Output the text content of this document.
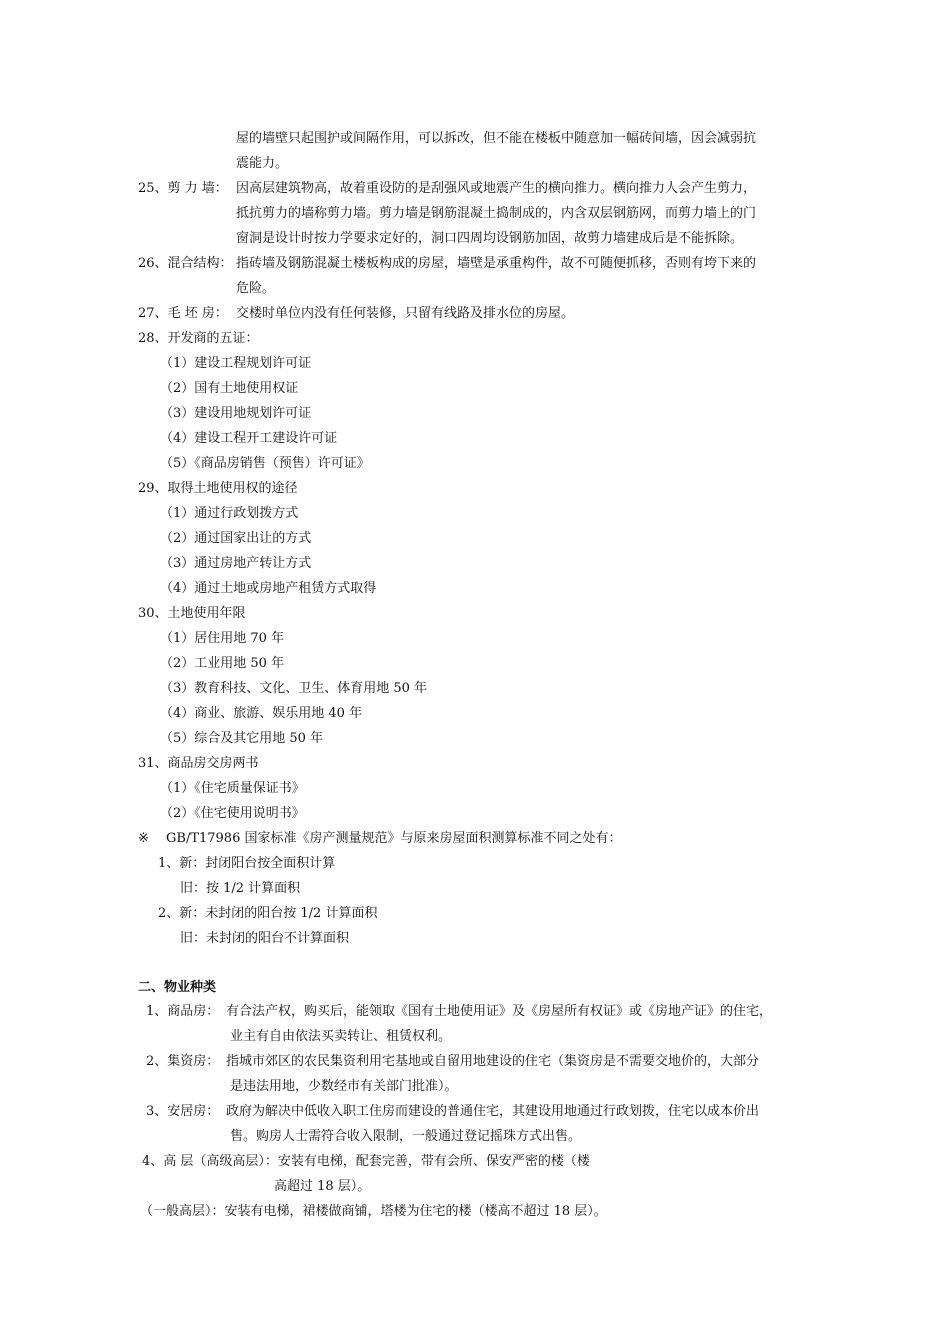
屋的墙壁只起围护或间隔作用，可以拆改，但不能在楼板中随意加一幅砖间墙，因会减弱抗
震能力。
25、剪 力 墙： 因高层建筑物高，故着重设防的是刮强风或地震产生的横向推力。横向推力人会产生剪力，
抵抗剪力的墙称剪力墙。剪力墙是钢筋混凝土捣制成的，内含双层钢筋网，而剪力墙上的门
窗洞是设计时按力学要求定好的，洞口四周均设钢筋加固，故剪力墙建成后是不能拆除。
26、混合结构： 指砖墙及钢筋混凝土楼板构成的房屋，墙壁是承重构件，故不可随便抓移，否则有垮下来的
危险。
27、毛 坯 房： 交楼时单位内没有任何装修，只留有线路及排水位的房屋。
28、开发商的五证：
（1）建设工程规划许可证
（2）国有土地使用权证
（3）建设用地规划许可证
（4）建设工程开工建设许可证
（5）《商品房销售（预售）许可证》
29、取得土地使用权的途径
（1）通过行政划拨方式
（2）通过国家出让的方式
（3）通过房地产转让方式
（4）通过土地或房地产租赁方式取得
30、土地使用年限
（1）居住用地 70 年
（2）工业用地 50 年
（3）教育科技、文化、卫生、体育用地 50 年
（4）商业、旅游、娱乐用地 40 年
（5）综合及其它用地 50 年
31、商品房交房两书
（1）《住宅质量保证书》
（2）《住宅使用说明书》
※ GB/T17986 国家标准《房产测量规范》与原来房屋面积测算标准不同之处有：
1、新：封闭阳台按全面积计算
旧：按 1/2 计算面积
2、新：未封闭的阳台按 1/2 计算面积
旧：未封闭的阳台不计算面积
二、物业种类
1、商品房： 有合法产权，购买后，能领取《国有土地使用证》及《房屋所有权证》或《房地产证》的住宅，
业主有自由依法买卖转让、租赁权利。
2、集资房： 指城市郊区的农民集资利用宅基地或自留用地建设的住宅（集资房是不需要交地价的，大部分
是违法用地，少数经市有关部门批准）。
3、安居房： 政府为解决中低收入职工住房而建设的普通住宅，其建设用地通过行政划拨，住宅以成本价出
售。购房人士需符合收入限制，一般通过登记摇珠方式出售。
4、高 层（高级高层）：安装有电梯，配套完善，带有会所、保安严密的楼（楼
高超过 18 层）。
（一般高层）：安装有电梯，裙楼做商铺，塔楼为住宅的楼（楼高不超过 18 层）。
